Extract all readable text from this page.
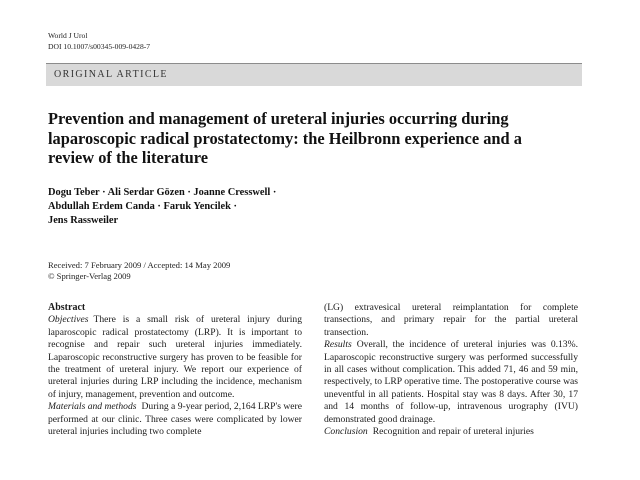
World J Urol
DOI 10.1007/s00345-009-0428-7
ORIGINAL ARTICLE
Prevention and management of ureteral injuries occurring during laparoscopic radical prostatectomy: the Heilbronn experience and a review of the literature
Dogu Teber · Ali Serdar Gözen · Joanne Cresswell ·
Abdullah Erdem Canda · Faruk Yencilek ·
Jens Rassweiler
Received: 7 February 2009 / Accepted: 14 May 2009
© Springer-Verlag 2009

Abstract

Objectives There is a small risk of ureteral injury during laparoscopic radical prostatectomy (LRP). It is important to recognise and repair such ureteral injuries immediately. Laparoscopic reconstructive surgery has proven to be feasible for the treatment of ureteral injury. We report our experience of ureteral injuries during LRP including the incidence, mechanism of injury, management, prevention and outcome.

Materials and methods During a 9-year period, 2,164 LRP's were performed at our clinic. Three cases were complicated by lower ureteral injuries including two complete

(LG) extravesical ureteral reimplantation for complete transections, and primary repair for the partial ureteral transection.

Results Overall, the incidence of ureteral injuries was 0.13%. Laparoscopic reconstructive surgery was performed successfully in all cases without complication. This added 71, 46 and 59 min, respectively, to LRP operative time. The postoperative course was uneventful in all patients. Hospital stay was 8 days. After 30, 17 and 14 months of follow-up, intravenous urography (IVU) demonstrated good drainage.

Conclusion Recognition and repair of ureteral injuries
